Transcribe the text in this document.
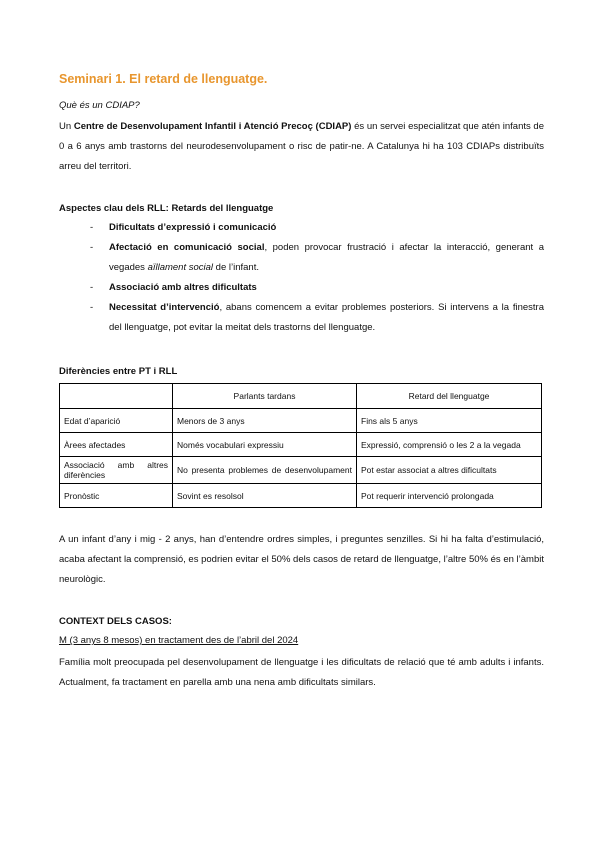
Seminari 1. El retard de llenguatge.

Què és un CDIAP?

Un Centre de Desenvolupament Infantil i Atenció Precoç (CDIAP) és un servei especialitzat que atén infants de 0 a 6 anys amb trastorns del neurodesenvolupament o risc de patir-ne. A Catalunya hi ha 103 CDIAPs distribuïts arreu del territori.

Aspectes clau dels RLL: Retards del llenguatge

- Dificultats d’expressió i comunicació
- Afectació en comunicació social, poden provocar frustració i afectar la interacció, generant a vegades aïllament social de l’infant.
- Associació amb altres dificultats
- Necessitat d’intervenció, abans comencem a evitar problemes posteriors. Si intervens a la finestra del llenguatge, pot evitar la meitat dels trastorns del llenguatge.

Diferències entre PT i RLL

	Parlants tardans	Retard del llenguatge
Edat d’aparició	Menors de 3 anys	Fins als 5 anys
Àrees afectades	Només vocabulari expressiu	Expressió, comprensió o les 2 a la vegada
Associació amb altres diferències	No presenta problemes de desenvolupament	Pot estar associat a altres dificultats
Pronòstic	Sovint es resolsol	Pot requerir intervenció prolongada

A un infant d’any i mig - 2 anys, han d’entendre ordres simples, i preguntes senzilles. Si hi ha falta d’estimulació, acaba afectant la comprensió, es podrien evitar el 50% dels casos de retard de llenguatge, l’altre 50% és en l’àmbit neurològic.

CONTEXT DELS CASOS:

M (3 anys 8 mesos) en tractament des de l’abril del 2024

Família molt preocupada pel desenvolupament de llenguatge i les dificultats de relació que té amb adults i infants. Actualment, fa tractament en parella amb una nena amb dificultats similars.
